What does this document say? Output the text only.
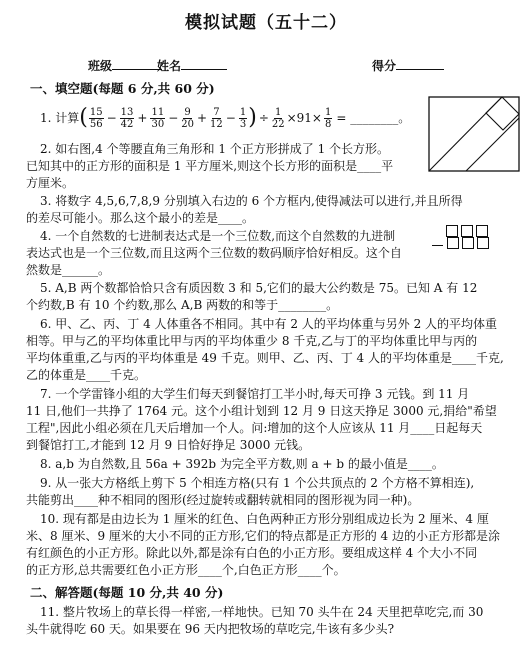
模拟试题（五十二）
班级	姓名	得分
一、填空题(每题 6 分,共 60 分)
1. 计算 ( 15
$56 - \frac{13}{42} + \frac{11}{30} - \frac{9}{20} + \frac{7}{12} - \frac{1}{3}$ ) ÷ $\frac{1}{22} \times 91\times \frac{1}{8}$ = ________。
2. 如右图,4 个等腰直角三角形和 1 个正方形拼成了 1 个长方形。
已知其中的正方形的面积是 1 平方厘米,则这个长方形的面积是____平
方厘米。
3. 将数字 4,5,6,7,8,9 分别填入右边的 6 个方框内,使得减法可以进行,并且所得
的差尽可能小。那么这个最小的差是____。

4. 一个自然数的七进制表达式是一个三位数,而这个自然数的九进制
表达式也是一个三位数,而且这两个三位数的数码顺序恰好相反。这个自
然数是______。
5. A,B 两个数都恰恰只含有质因数 3 和 5,它们的最大公约数是 75。已知 A 有 12
个约数,B 有 10 个约数,那么 A,B 两数的和等于________。
6. 甲、乙、丙、丁 4 人体重各不相同。其中有 2 人的平均体重与另外 2 人的平均体重
相等。甲与乙的平均体重比甲与丙的平均体重少 8 千克,乙与丁的平均体重比甲与丙的
平均体重重,乙与丙的平均体重是 49 千克。则甲、乙、丙、丁 4 人的平均体重是____千克,
乙的体重是____千克。
7. 一个学雷锋小组的大学生们每天到餐馆打工半小时,每天可挣 3 元钱。到 11 月
11 日,他们一共挣了 1764 元。这个小组计划到 12 月 9 日这天挣足 3000 元,捐给"希望
工程",因此小组必须在几天后增加一个人。问:增加的这个人应该从 11 月____日起每天
到餐馆打工,才能到 12 月 9 日恰好挣足 3000 元钱。
8. a,b 为自然数,且 56a + 392b 为完全平方数,则 a + b 的最小值是____。
9. 从一张大方格纸上剪下 5 个相连方格(只有 1 个公共顶点的 2 个方格不算相连),
共能剪出____种不相同的图形(经过旋转或翻转就相同的图形视为同一种)。
10. 现有都是由边长为 1 厘米的红色、白色两种正方形分别组成边长为 2 厘米、4 厘
米、8 厘米、9 厘米的大小不同的正方形,它们的特点都是正方形的 4 边的小正方形都是涂
有红颜色的小正方形。除此以外,都是涂有白色的小正方形。要组成这样 4 个大小不同
的正方形,总共需要红色小正方形____个,白色正方形____个。
二、解答题(每题 10 分,共 40 分)
11. 整片牧场上的草长得一样密,一样地快。已知 70 头牛在 24 天里把草吃完,而 30
头牛就得吃 60 天。如果要在 96 天内把牧场的草吃完,牛该有多少头?
